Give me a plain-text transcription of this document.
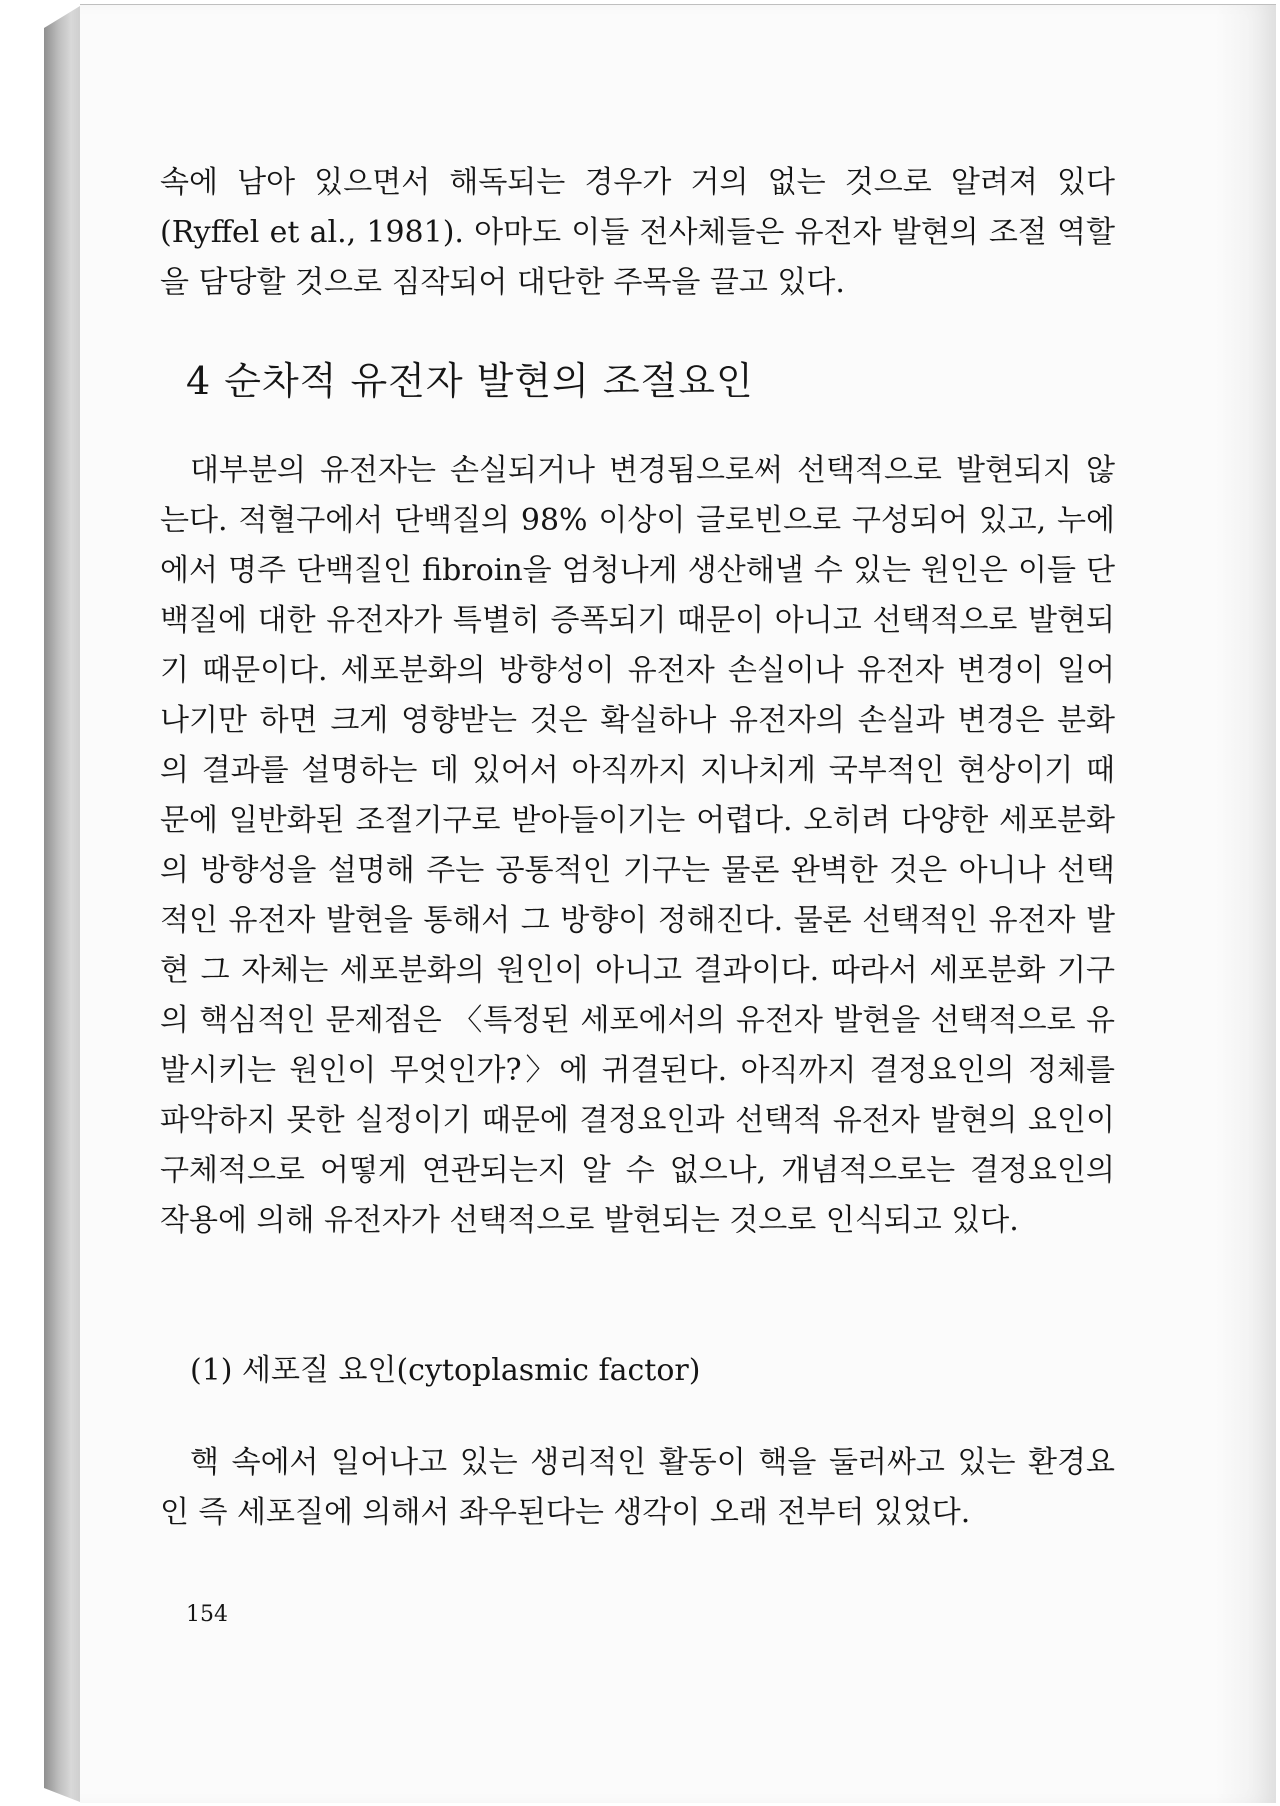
속에 남아 있으면서 해독되는 경우가 거의 없는 것으로 알려져 있다 (Ryffel et al., 1981). 아마도 이들 전사체들은 유전자 발현의 조절 역할을 담당할 것으로 짐작되어 대단한 주목을 끌고 있다.

4 순차적 유전자 발현의 조절요인

대부분의 유전자는 손실되거나 변경됨으로써 선택적으로 발현되지 않는다. 적혈구에서 단백질의 98% 이상이 글로빈으로 구성되어 있고, 누에에서 명주 단백질인 fibroin을 엄청나게 생산해낼 수 있는 원인은 이들 단백질에 대한 유전자가 특별히 증폭되기 때문이 아니고 선택적으로 발현되기 때문이다. 세포분화의 방향성이 유전자 손실이나 유전자 변경이 일어나기만 하면 크게 영향받는 것은 확실하나 유전자의 손실과 변경은 분화의 결과를 설명하는 데 있어서 아직까지 지나치게 국부적인 현상이기 때문에 일반화된 조절기구로 받아들이기는 어렵다. 오히려 다양한 세포분화의 방향성을 설명해 주는 공통적인 기구는 물론 완벽한 것은 아니나 선택적인 유전자 발현을 통해서 그 방향이 정해진다. 물론 선택적인 유전자 발현 그 자체는 세포분화의 원인이 아니고 결과이다. 따라서 세포분화 기구의 핵심적인 문제점은 〈특정된 세포에서의 유전자 발현을 선택적으로 유발시키는 원인이 무엇인가?〉에 귀결된다. 아직까지 결정요인의 정체를 파악하지 못한 실정이기 때문에 결정요인과 선택적 유전자 발현의 요인이 구체적으로 어떻게 연관되는지 알 수 없으나, 개념적으로는 결정요인의 작용에 의해 유전자가 선택적으로 발현되는 것으로 인식되고 있다.

(1) 세포질 요인(cytoplasmic factor)

핵 속에서 일어나고 있는 생리적인 활동이 핵을 둘러싸고 있는 환경요인 즉 세포질에 의해서 좌우된다는 생각이 오래 전부터 있었다.

154
